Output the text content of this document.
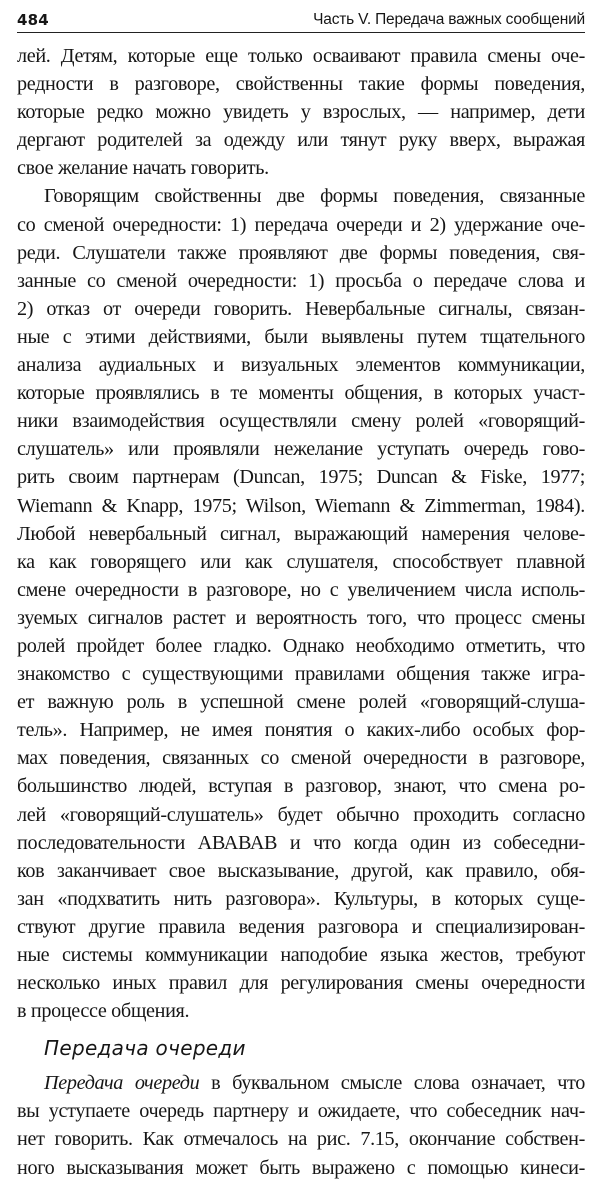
484	Часть V. Передача важных сообщений
лей. Детям, которые еще только осваивают правила смены оче-
редности в разговоре, свойственны такие формы поведения,
которые редко можно увидеть у взрослых, — например, дети
дергают родителей за одежду или тянут руку вверх, выражая
свое желание начать говорить.
Говорящим свойственны две формы поведения, связанные
со сменой очередности: 1) передача очереди и 2) удержание оче-
реди. Слушатели также проявляют две формы поведения, свя-
занные со сменой очередности: 1) просьба о передаче слова и
2) отказ от очереди говорить. Невербальные сигналы, связан-
ные с этими действиями, были выявлены путем тщательного
анализа аудиальных и визуальных элементов коммуникации,
которые проявлялись в те моменты общения, в которых участ-
ники взаимодействия осуществляли смену ролей «говорящий-
слушатель» или проявляли нежелание уступать очередь гово-
рить своим партнерам (Duncan, 1975; Duncan & Fiske, 1977;
Wiemann & Knapp, 1975; Wilson, Wiemann & Zimmerman, 1984).
Любой невербальный сигнал, выражающий намерения челове-
ка как говорящего или как слушателя, способствует плавной
смене очередности в разговоре, но с увеличением числа исполь-
зуемых сигналов растет и вероятность того, что процесс смены
ролей пройдет более гладко. Однако необходимо отметить, что
знакомство с существующими правилами общения также игра-
ет важную роль в успешной смене ролей «говорящий-слуша-
тель». Например, не имея понятия о каких-либо особых фор-
мах поведения, связанных со сменой очередности в разговоре,
большинство людей, вступая в разговор, знают, что смена ро-
лей «говорящий-слушатель» будет обычно проходить согласно
последовательности АВАВАВ и что когда один из собеседни-
ков заканчивает свое высказывание, другой, как правило, обя-
зан «подхватить нить разговора». Культуры, в которых суще-
ствуют другие правила ведения разговора и специализирован-
ные системы коммуникации наподобие языка жестов, требуют
несколько иных правил для регулирования смены очередности
в процессе общения.
Передача очереди
Передача очереди в буквальном смысле слова означает, что
вы уступаете очередь партнеру и ожидаете, что собеседник нач-
нет говорить. Как отмечалось на рис. 7.15, окончание собствен-
ного высказывания может быть выражено с помощью кинеси-
